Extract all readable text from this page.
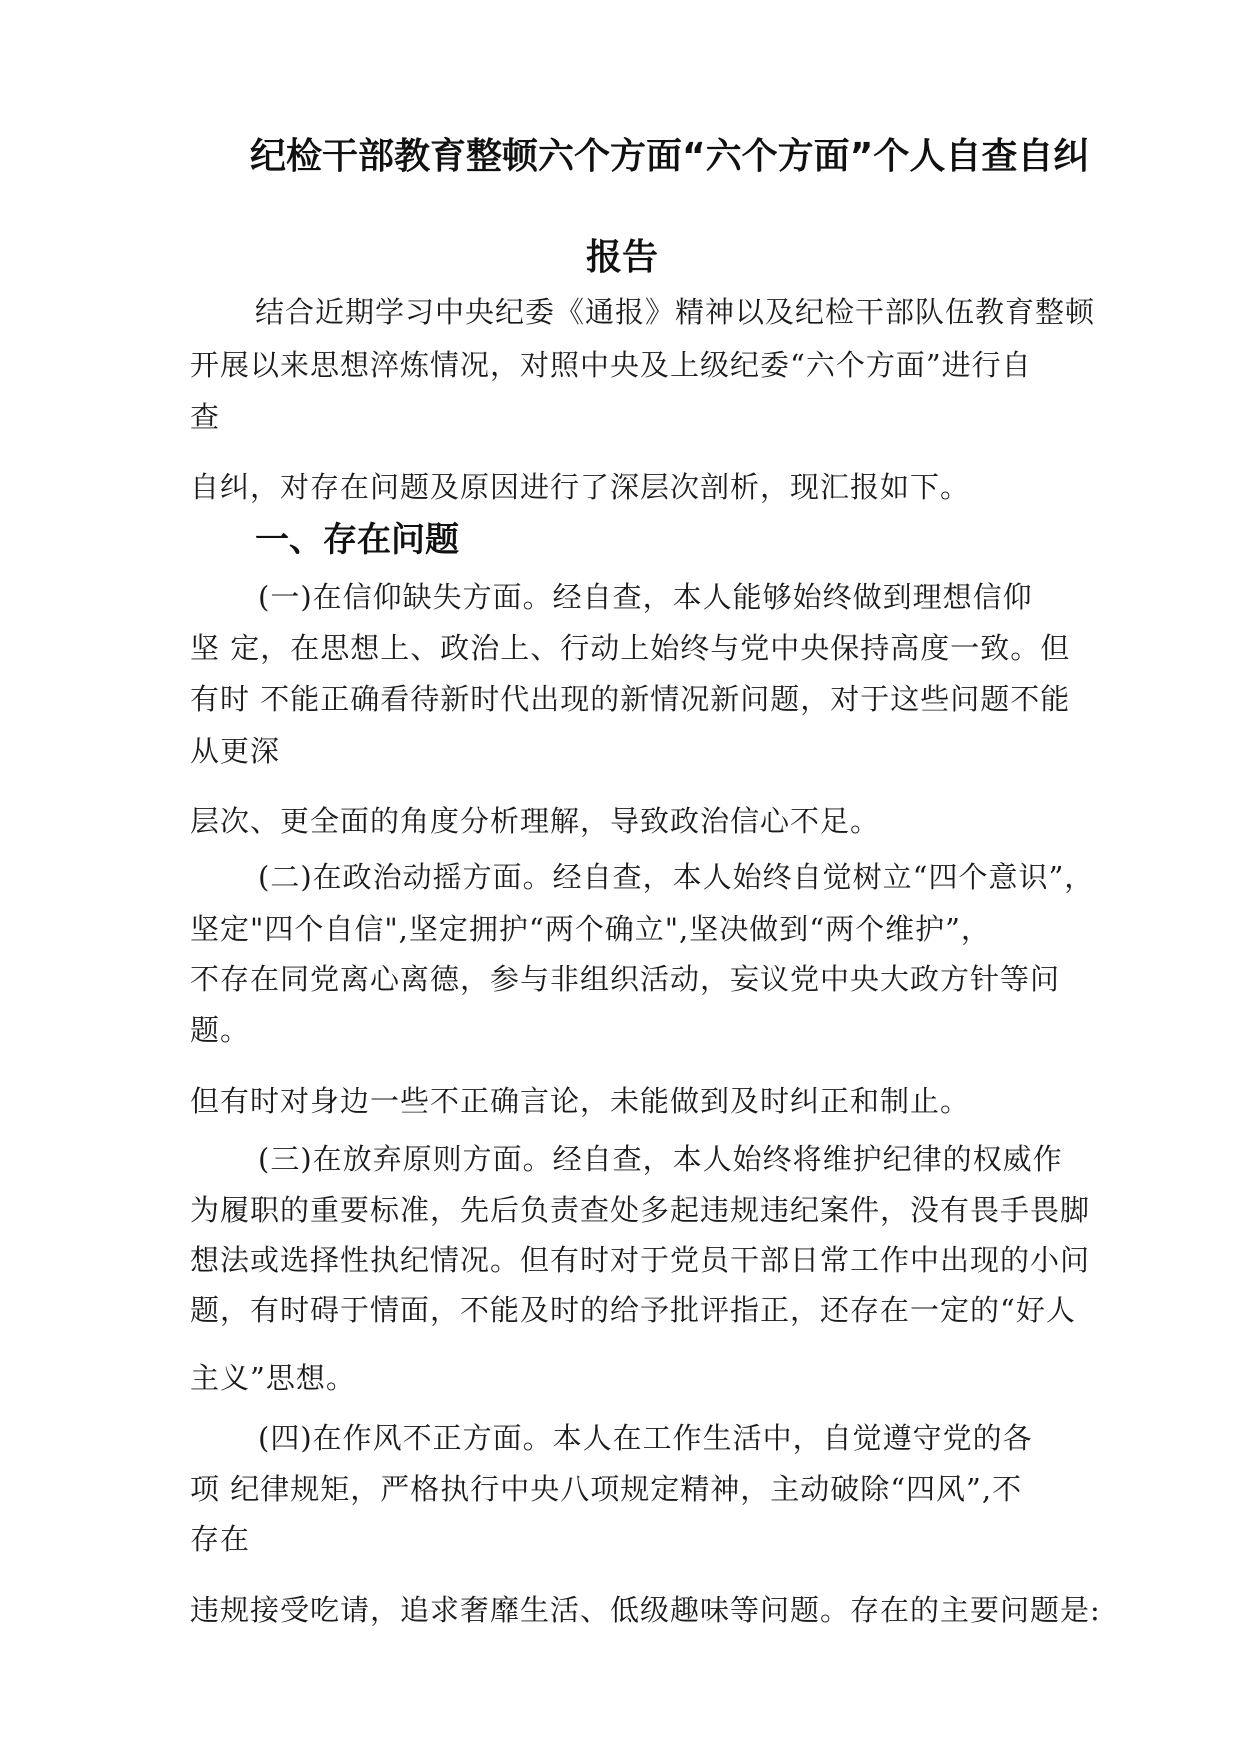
纪检干部教育整顿六个方面“六个方面”个人自查自纠
报告
结合近期学习中央纪委《通报》精神以及纪检干部队伍教育整顿
开展以来思想淬炼情况，对照中央及上级纪委“六个方面”进行自
查
自纠，对存在问题及原因进行了深层次剖析，现汇报如下。
一、存在问题
(一)在信仰缺失方面。经自查，本人能够始终做到理想信仰
坚 定，在思想上、政治上、行动上始终与党中央保持高度一致。但
有时 不能正确看待新时代出现的新情况新问题，对于这些问题不能
从更深
层次、更全面的角度分析理解，导致政治信心不足。
(二)在政治动摇方面。经自查，本人始终自觉树立“四个意识”，
坚定"四个自信",坚定拥护“两个确立",坚决做到“两个维护”，
不存在同党离心离德，参与非组织活动，妄议党中央大政方针等问
题。
但有时对身边一些不正确言论，未能做到及时纠正和制止。
(三)在放弃原则方面。经自查，本人始终将维护纪律的权威作
为履职的重要标准，先后负责查处多起违规违纪案件，没有畏手畏脚
想法或选择性执纪情况。但有时对于党员干部日常工作中出现的小问
题，有时碍于情面，不能及时的给予批评指正，还存在一定的“好人
主义”思想。
(四)在作风不正方面。本人在工作生活中，自觉遵守党的各
项 纪律规矩，严格执行中央八项规定精神，主动破除“四风”,不
存在
违规接受吃请，追求奢靡生活、低级趣味等问题。存在的主要问题是:
